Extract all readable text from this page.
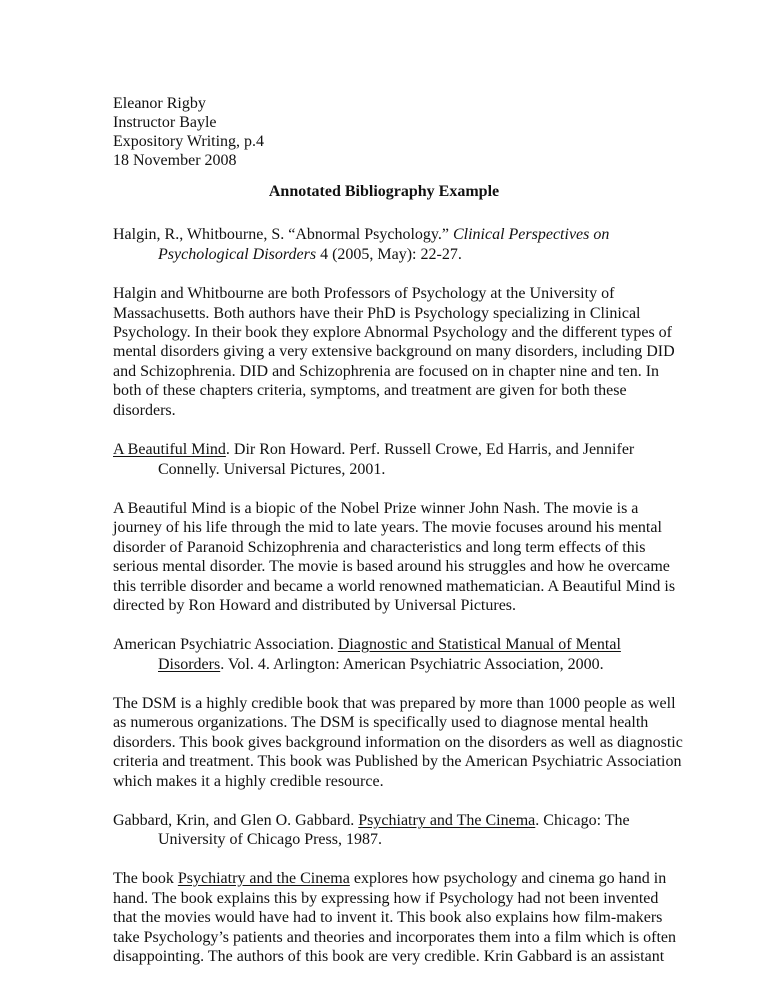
Eleanor Rigby
Instructor Bayle
Expository Writing, p.4
18 November 2008
Annotated Bibliography Example
Halgin, R., Whitbourne, S. “Abnormal Psychology.” Clinical Perspectives on
Psychological Disorders 4 (2005, May): 22-27.
Halgin and Whitbourne are both Professors of Psychology at the University of
Massachusetts. Both authors have their PhD is Psychology specializing in Clinical
Psychology. In their book they explore Abnormal Psychology and the different types of
mental disorders giving a very extensive background on many disorders, including DID
and Schizophrenia. DID and Schizophrenia are focused on in chapter nine and ten. In
both of these chapters criteria, symptoms, and treatment are given for both these
disorders.
A Beautiful Mind. Dir Ron Howard. Perf. Russell Crowe, Ed Harris, and Jennifer
Connelly. Universal Pictures, 2001.
A Beautiful Mind is a biopic of the Nobel Prize winner John Nash. The movie is a
journey of his life through the mid to late years. The movie focuses around his mental
disorder of Paranoid Schizophrenia and characteristics and long term effects of this
serious mental disorder. The movie is based around his struggles and how he overcame
this terrible disorder and became a world renowned mathematician. A Beautiful Mind is
directed by Ron Howard and distributed by Universal Pictures.
American Psychiatric Association. Diagnostic and Statistical Manual of Mental
Disorders. Vol. 4. Arlington: American Psychiatric Association, 2000.
The DSM is a highly credible book that was prepared by more than 1000 people as well
as numerous organizations. The DSM is specifically used to diagnose mental health
disorders. This book gives background information on the disorders as well as diagnostic
criteria and treatment. This book was Published by the American Psychiatric Association
which makes it a highly credible resource.
Gabbard, Krin, and Glen O. Gabbard. Psychiatry and The Cinema. Chicago: The
University of Chicago Press, 1987.
The book Psychiatry and the Cinema explores how psychology and cinema go hand in
hand. The book explains this by expressing how if Psychology had not been invented
that the movies would have had to invent it. This book also explains how film-makers
take Psychology’s patients and theories and incorporates them into a film which is often
disappointing. The authors of this book are very credible. Krin Gabbard is an assistant
